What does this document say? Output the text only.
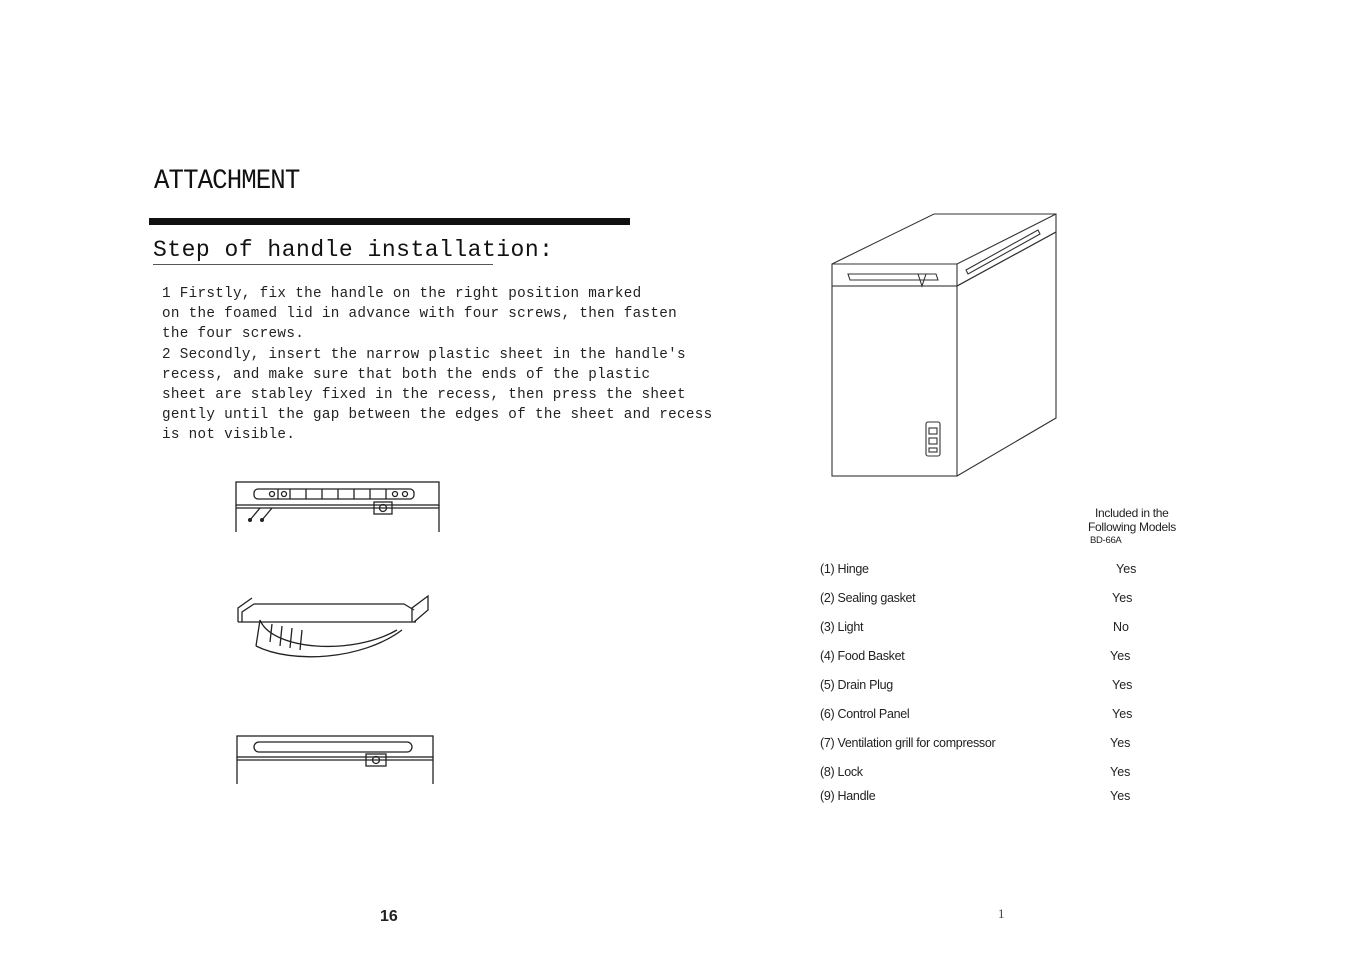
ATTACHMENT
Step of handle installation:
1 Firstly, fix the handle on the right position marked
on the foamed lid in advance with four screws, then fasten
the four screws.
2 Secondly, insert the narrow plastic sheet in the handle's
recess, and make sure that both the ends of the plastic
sheet are stabley fixed in the recess, then press the sheet
gently until the gap between the edges of the sheet and recess
is not visible.
16
Included in the
Following Models
BD-66A
(1) Hinge	Yes
(2) Sealing gasket	Yes
(3) Light	No
(4) Food Basket	Yes
(5) Drain Plug	Yes
(6) Control Panel	Yes
(7) Ventilation grill for compressor	Yes
(8) Lock	Yes
(9) Handle	Yes
1
